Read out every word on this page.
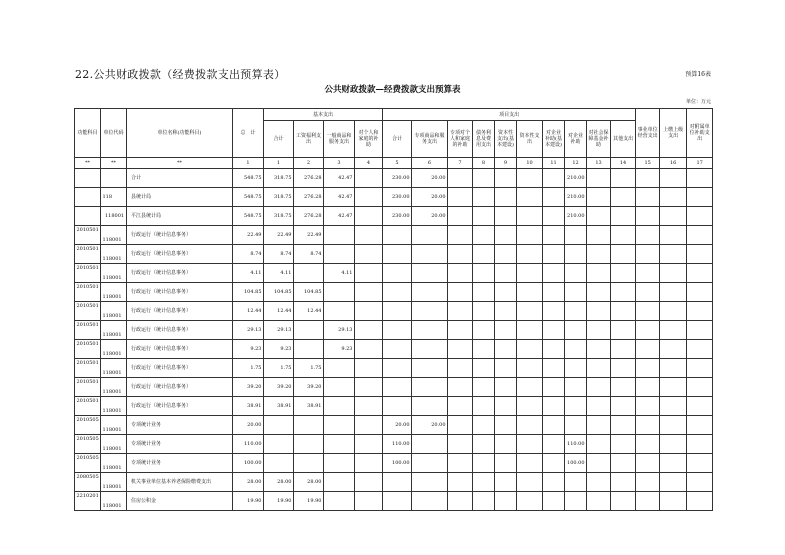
22.公共财政拨款（经费拨款支出预算表）	预算16表
公共财政拨款—经费拨款支出预算表
单位：万元
功能科目	单位代码	单位名称(功能科目)	总　计	基本支出				项目支出										事业单位经营支出	上缴上级支出	对附属单位补助支出
				合计	工资福利支出	一般商品和服务支出	对个人和家庭的补助	合计	专项商品和服务支出	专项对个人和家庭的补助	债务利息及费用支出	资本性支出(基本建设)	资本性支出	对企业补助(基本建设)	对企业补助	对社会保障基金补助	其他支出			
**	**	**	1	1	2	3	4	5	6	7	8	9	10	11	12	13	14	15	16	17
		合计	548.75	318.75	276.28	42.47		230.00	20.00						210.00					
	118	县统计局	548.75	318.75	276.28	42.47		230.00	20.00						210.00					
	118001	平江县统计局	548.75	318.75	276.28	42.47		230.00	20.00						210.00					
2010501	118001	行政运行（统计信息事务）	22.49	22.49	22.49															
2010501	118001	行政运行（统计信息事务）	8.74	8.74	8.74															
2010501	118001	行政运行（统计信息事务）	4.11	4.11		4.11														
2010501	118001	行政运行（统计信息事务）	104.85	104.85	104.85															
2010501	118001	行政运行（统计信息事务）	12.44	12.44	12.44															
2010501	118001	行政运行（统计信息事务）	29.13	29.13		29.13														
2010501	118001	行政运行（统计信息事务）	9.23	9.23		9.23														
2010501	118001	行政运行（统计信息事务）	1.75	1.75	1.75															
2010501	118001	行政运行（统计信息事务）	39.20	39.20	39.20															
2010501	118001	行政运行（统计信息事务）	38.91	38.91	38.91															
2010505	118001	专项统计业务	20.00					20.00	20.00											
2010505	118001	专项统计业务	110.00					110.00							110.00					
2010505	118001	专项统计业务	100.00					100.00							100.00					
2080505	118001	机关事业单位基本养老保险缴费支出	28.00	28.00	28.00															
2210201	118001	住房公积金	19.90	19.90	19.90															
